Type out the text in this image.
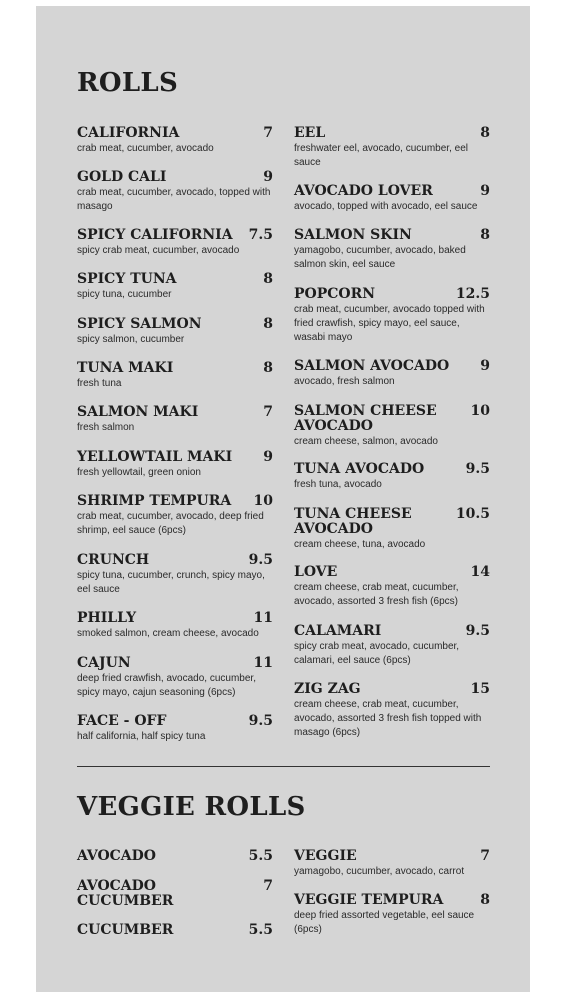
ROLLS
CALIFORNIA	7
crab meat, cucumber, avocado
GOLD CALI	9
crab meat, cucumber, avocado, topped with masago
SPICY CALIFORNIA	7.5
spicy crab meat, cucumber, avocado
SPICY TUNA	8
spicy tuna, cucumber
SPICY SALMON	8
spicy salmon, cucumber
TUNA MAKI	8
fresh tuna
SALMON MAKI	7
fresh salmon
YELLOWTAIL MAKI	9
fresh yellowtail, green onion
SHRIMP TEMPURA	10
crab meat, cucumber, avocado, deep fried shrimp, eel sauce (6pcs)
CRUNCH	9.5
spicy tuna, cucumber, crunch, spicy mayo, eel sauce
PHILLY	11
smoked salmon, cream cheese, avocado
CAJUN	11
deep fried crawfish, avocado, cucumber, spicy mayo, cajun seasoning (6pcs)
FACE - OFF	9.5
half california, half spicy tuna
EEL	8
freshwater eel, avocado, cucumber, eel sauce
AVOCADO LOVER	9
avocado, topped with avocado, eel sauce
SALMON SKIN	8
yamagobo, cucumber, avocado, baked salmon skin, eel sauce
POPCORN	12.5
crab meat, cucumber, avocado topped with fried crawfish, spicy mayo, eel sauce, wasabi mayo
SALMON AVOCADO	9
avocado, fresh salmon
SALMON CHEESE AVOCADO
10
cream cheese, salmon, avocado
TUNA AVOCADO	9.5
fresh tuna, avocado
TUNA CHEESE AVOCADO
10.5
cream cheese, tuna, avocado
LOVE	14
cream cheese, crab meat, cucumber, avocado, assorted 3 fresh fish (6pcs)
CALAMARI	9.5
spicy crab meat, avocado, cucumber, calamari, eel sauce (6pcs)
ZIG ZAG	15
cream cheese, crab meat, cucumber, avocado, assorted 3 fresh fish topped with masago (6pcs)
VEGGIE ROLLS
AVOCADO	5.5
AVOCADO CUCUMBER
7
CUCUMBER	5.5
VEGGIE	7
yamagobo, cucumber, avocado, carrot
VEGGIE TEMPURA	8
deep fried assorted vegetable, eel sauce (6pcs)
